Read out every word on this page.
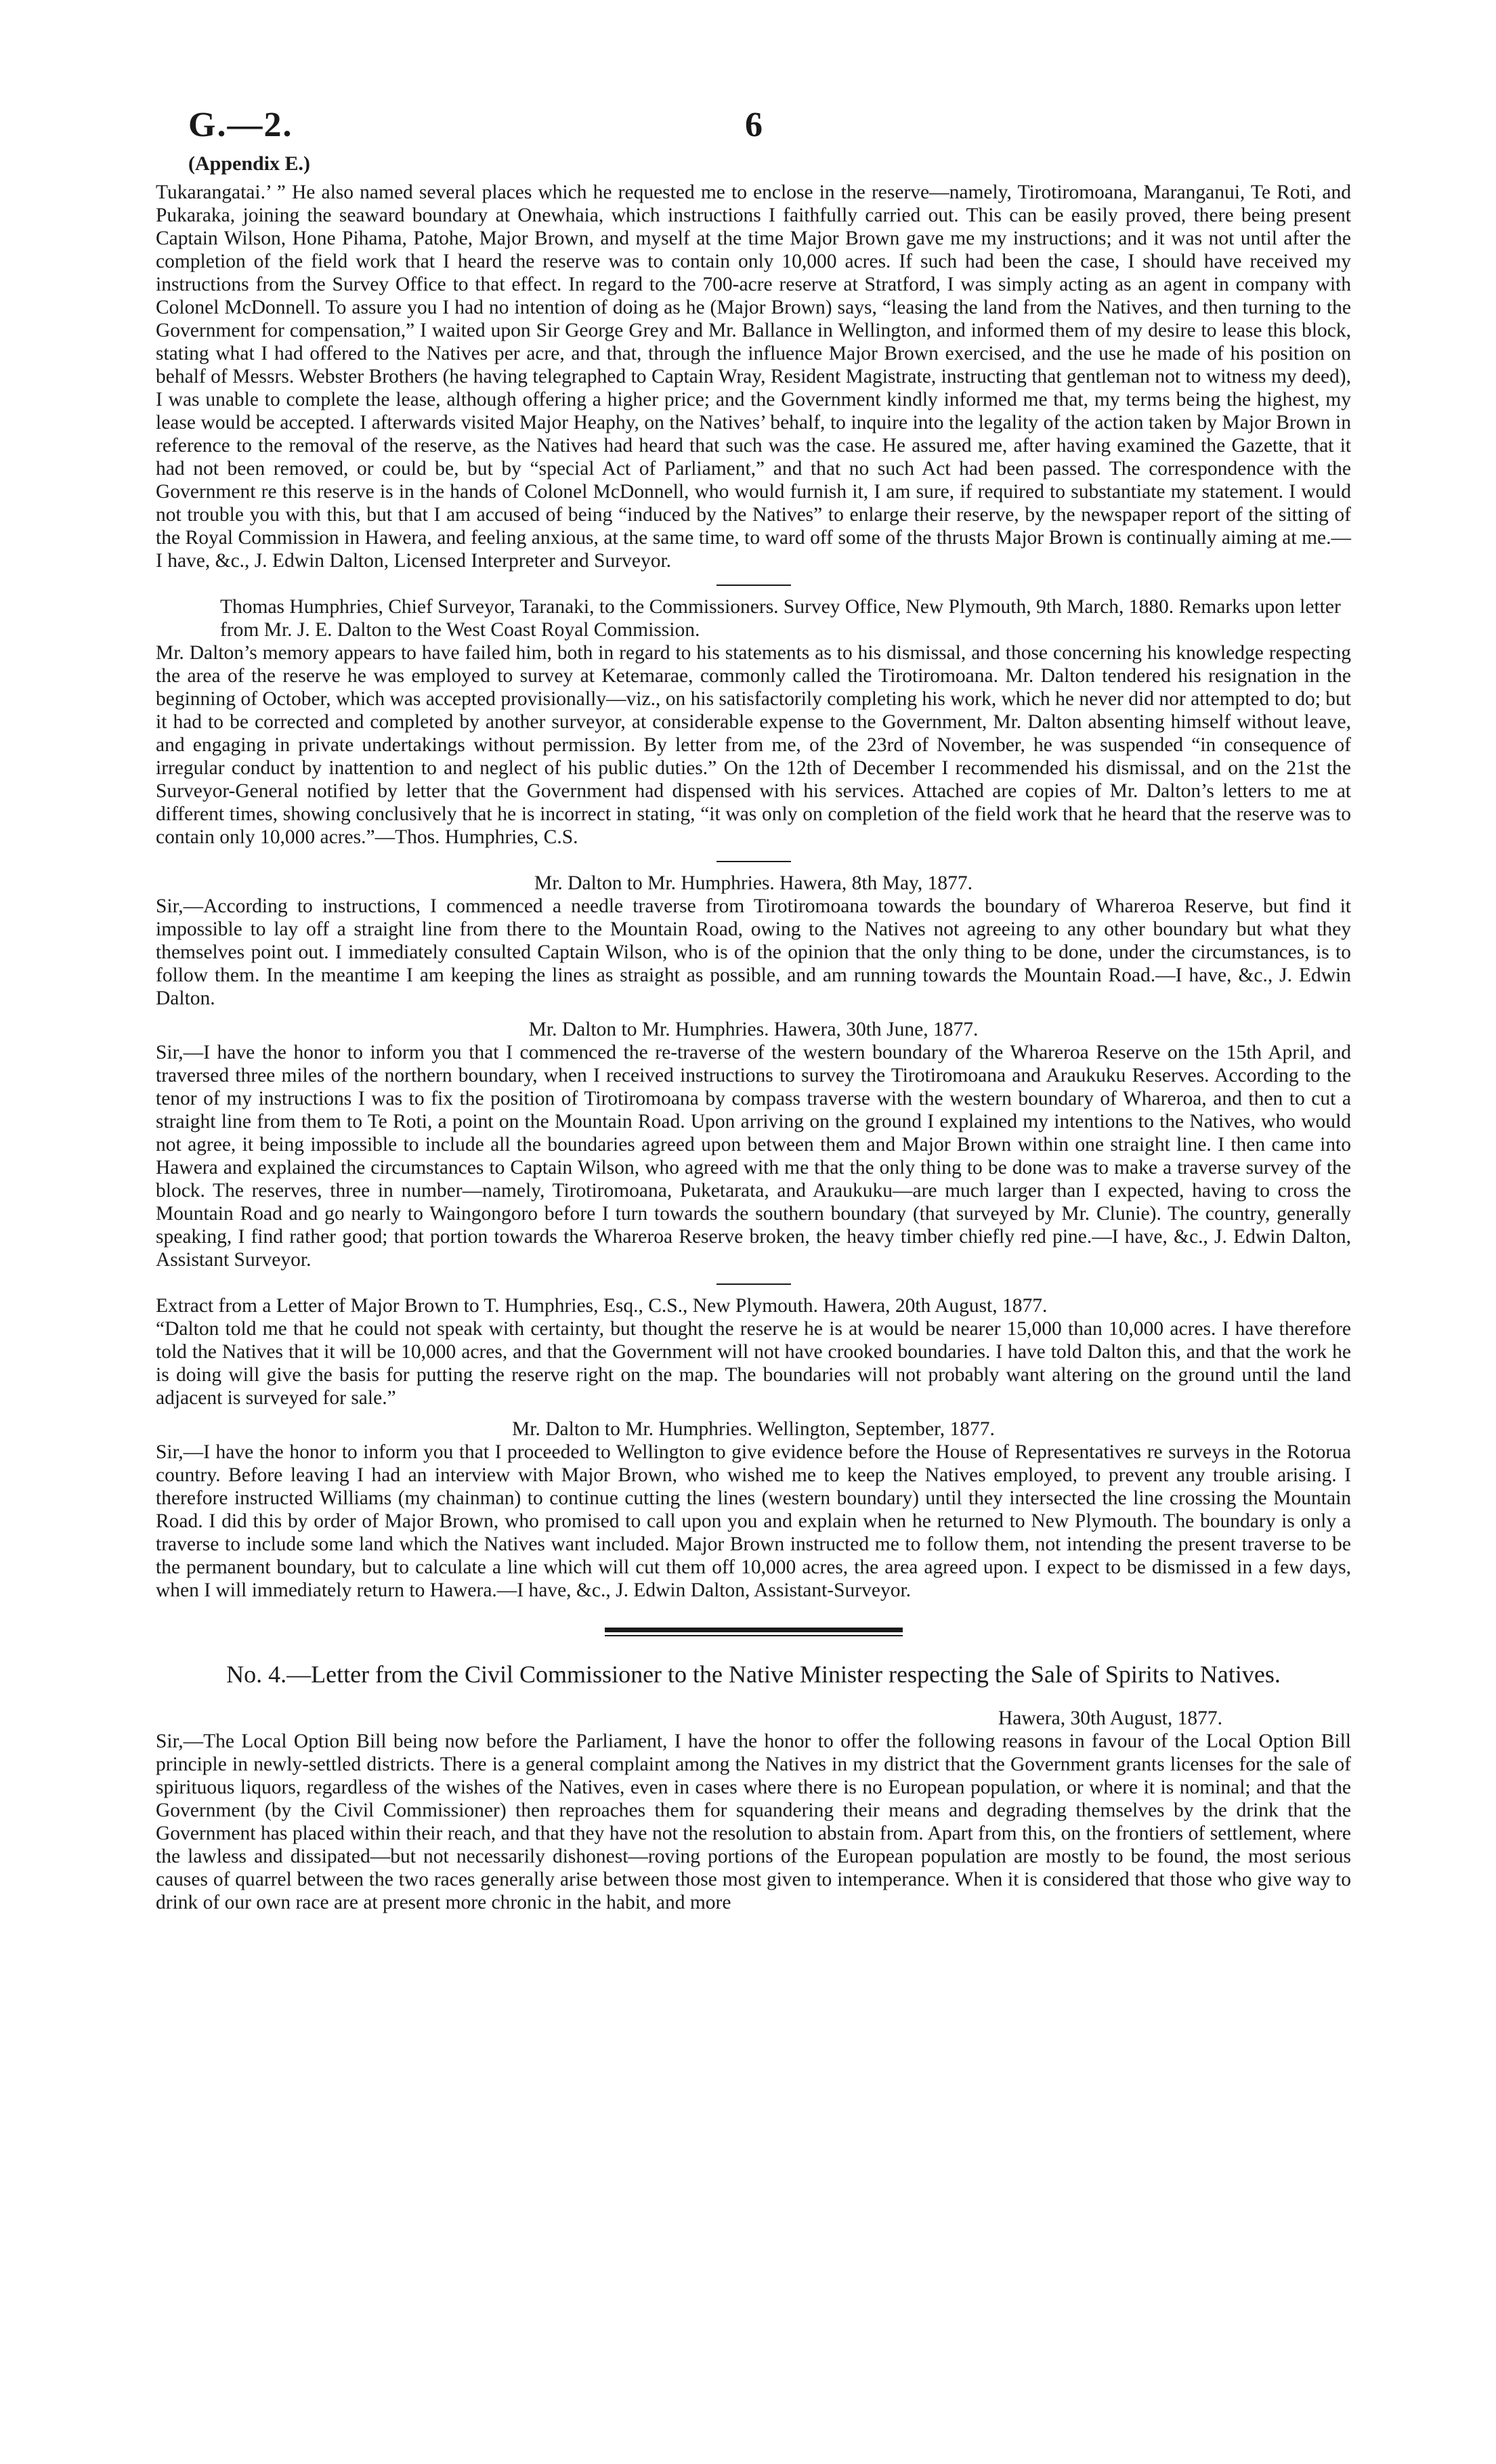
G.—2.	6
(Appendix E.)

Tukarangatai.’ ” He also named several places which he requested me to enclose in the reserve—namely, Tirotiromoana, Maranganui, Te Roti, and Pukaraka, joining the seaward boundary at Onewhaia, which instructions I faithfully carried out. This can be easily proved, there being present Captain Wilson, Hone Pihama, Patohe, Major Brown, and myself at the time Major Brown gave me my instructions; and it was not until after the completion of the field work that I heard the reserve was to contain only 10,000 acres. If such had been the case, I should have received my instructions from the Survey Office to that effect. In regard to the 700-acre reserve at Stratford, I was simply acting as an agent in company with Colonel McDonnell. To assure you I had no intention of doing as he (Major Brown) says, “leasing the land from the Natives, and then turning to the Government for compensation,” I waited upon Sir George Grey and Mr. Ballance in Wellington, and informed them of my desire to lease this block, stating what I had offered to the Natives per acre, and that, through the influence Major Brown exercised, and the use he made of his position on behalf of Messrs. Webster Brothers (he having telegraphed to Captain Wray, Resident Magistrate, instructing that gentleman not to witness my deed), I was unable to complete the lease, although offering a higher price; and the Government kindly informed me that, my terms being the highest, my lease would be accepted. I afterwards visited Major Heaphy, on the Natives’ behalf, to inquire into the legality of the action taken by Major Brown in reference to the removal of the reserve, as the Natives had heard that such was the case. He assured me, after having examined the Gazette, that it had not been removed, or could be, but by “special Act of Parliament,” and that no such Act had been passed. The correspondence with the Government re this reserve is in the hands of Colonel McDonnell, who would furnish it, I am sure, if required to substantiate my statement. I would not trouble you with this, but that I am accused of being “induced by the Natives” to enlarge their reserve, by the newspaper report of the sitting of the Royal Commission in Hawera, and feeling anxious, at the same time, to ward off some of the thrusts Major Brown is continually aiming at me.—I have, &c., J. Edwin Dalton, Licensed Interpreter and Surveyor.

Thomas Humphries, Chief Surveyor, Taranaki, to the Commissioners. Survey Office, New Plymouth, 9th March, 1880. Remarks upon letter from Mr. J. E. Dalton to the West Coast Royal Commission.

Mr. Dalton’s memory appears to have failed him, both in regard to his statements as to his dismissal, and those concerning his knowledge respecting the area of the reserve he was employed to survey at Ketemarae, commonly called the Tirotiromoana. Mr. Dalton tendered his resignation in the beginning of October, which was accepted provisionally—viz., on his satisfactorily completing his work, which he never did nor attempted to do; but it had to be corrected and completed by another surveyor, at considerable expense to the Government, Mr. Dalton absenting himself without leave, and engaging in private undertakings without permission. By letter from me, of the 23rd of November, he was suspended “in consequence of irregular conduct by inattention to and neglect of his public duties.” On the 12th of December I recommended his dismissal, and on the 21st the Surveyor-General notified by letter that the Government had dispensed with his services. Attached are copies of Mr. Dalton’s letters to me at different times, showing conclusively that he is incorrect in stating, “it was only on completion of the field work that he heard that the reserve was to contain only 10,000 acres.”—Thos. Humphries, C.S.

Mr. Dalton to Mr. Humphries. Hawera, 8th May, 1877.

Sir,—According to instructions, I commenced a needle traverse from Tirotiromoana towards the boundary of Whareroa Reserve, but find it impossible to lay off a straight line from there to the Mountain Road, owing to the Natives not agreeing to any other boundary but what they themselves point out. I immediately consulted Captain Wilson, who is of the opinion that the only thing to be done, under the circumstances, is to follow them. In the meantime I am keeping the lines as straight as possible, and am running towards the Mountain Road.—I have, &c., J. Edwin Dalton.

Mr. Dalton to Mr. Humphries. Hawera, 30th June, 1877.

Sir,—I have the honor to inform you that I commenced the re-traverse of the western boundary of the Whareroa Reserve on the 15th April, and traversed three miles of the northern boundary, when I received instructions to survey the Tirotiromoana and Araukuku Reserves. According to the tenor of my instructions I was to fix the position of Tirotiromoana by compass traverse with the western boundary of Whareroa, and then to cut a straight line from them to Te Roti, a point on the Mountain Road. Upon arriving on the ground I explained my intentions to the Natives, who would not agree, it being impossible to include all the boundaries agreed upon between them and Major Brown within one straight line. I then came into Hawera and explained the circumstances to Captain Wilson, who agreed with me that the only thing to be done was to make a traverse survey of the block. The reserves, three in number—namely, Tirotiromoana, Puketarata, and Araukuku—are much larger than I expected, having to cross the Mountain Road and go nearly to Waingongoro before I turn towards the southern boundary (that surveyed by Mr. Clunie). The country, generally speaking, I find rather good; that portion towards the Whareroa Reserve broken, the heavy timber chiefly red pine.—I have, &c., J. Edwin Dalton, Assistant Surveyor.

Extract from a Letter of Major Brown to T. Humphries, Esq., C.S., New Plymouth. Hawera, 20th August, 1877.

“Dalton told me that he could not speak with certainty, but thought the reserve he is at would be nearer 15,000 than 10,000 acres. I have therefore told the Natives that it will be 10,000 acres, and that the Government will not have crooked boundaries. I have told Dalton this, and that the work he is doing will give the basis for putting the reserve right on the map. The boundaries will not probably want altering on the ground until the land adjacent is surveyed for sale.”

Mr. Dalton to Mr. Humphries. Wellington, September, 1877.

Sir,—I have the honor to inform you that I proceeded to Wellington to give evidence before the House of Representatives re surveys in the Rotorua country. Before leaving I had an interview with Major Brown, who wished me to keep the Natives employed, to prevent any trouble arising. I therefore instructed Williams (my chainman) to continue cutting the lines (western boundary) until they intersected the line crossing the Mountain Road. I did this by order of Major Brown, who promised to call upon you and explain when he returned to New Plymouth. The boundary is only a traverse to include some land which the Natives want included. Major Brown instructed me to follow them, not intending the present traverse to be the permanent boundary, but to calculate a line which will cut them off 10,000 acres, the area agreed upon. I expect to be dismissed in a few days, when I will immediately return to Hawera.—I have, &c., J. Edwin Dalton, Assistant-Surveyor.

No. 4.—Letter from the Civil Commissioner to the Native Minister respecting the Sale of Spirits to Natives.
Hawera, 30th August, 1877.

Sir,—The Local Option Bill being now before the Parliament, I have the honor to offer the following reasons in favour of the Local Option Bill principle in newly-settled districts. There is a general complaint among the Natives in my district that the Government grants licenses for the sale of spirituous liquors, regardless of the wishes of the Natives, even in cases where there is no European population, or where it is nominal; and that the Government (by the Civil Commissioner) then reproaches them for squandering their means and degrading themselves by the drink that the Government has placed within their reach, and that they have not the resolution to abstain from. Apart from this, on the frontiers of settlement, where the lawless and dissipated—but not necessarily dishonest—roving portions of the European population are mostly to be found, the most serious causes of quarrel between the two races generally arise between those most given to intemperance. When it is considered that those who give way to drink of our own race are at present more chronic in the habit, and more
